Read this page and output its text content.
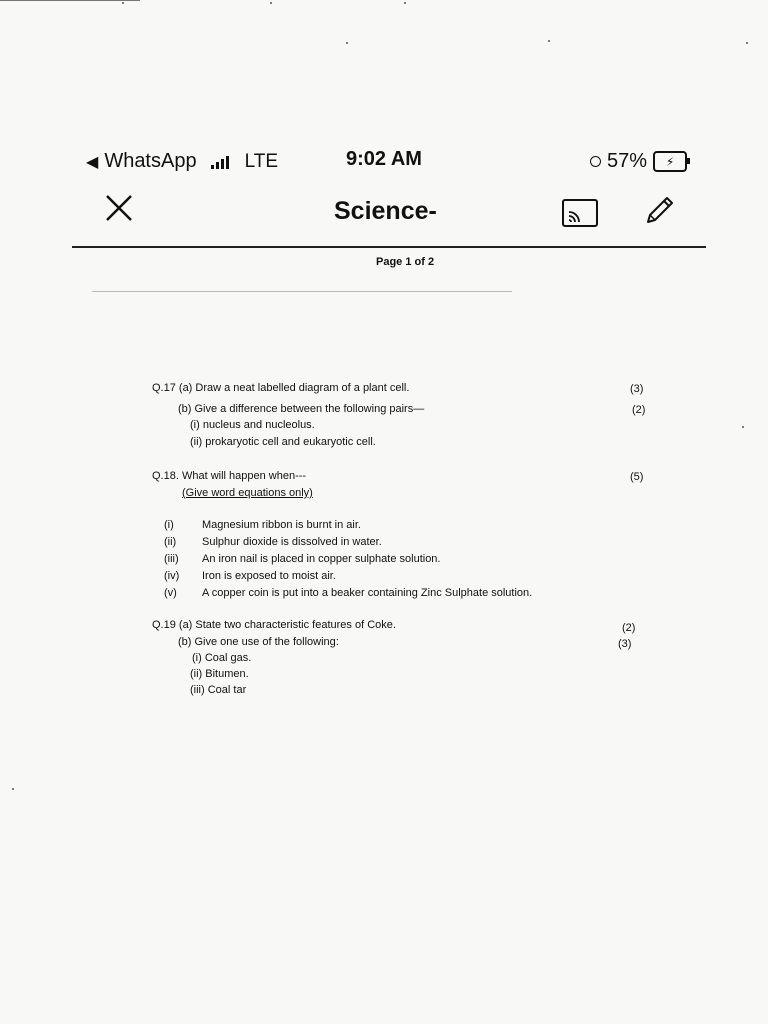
◀ WhatsApp	LTE	9:02 AM	57%	⚡
Science-
Page 1 of 2
Q.17 (a) Draw a neat labelled diagram of a plant cell.	(3)
(b) Give a difference between the following pairs—	(2)
(i) nucleus and nucleolus.
(ii) prokaryotic cell and eukaryotic cell.
Q.18. What will happen when---	(5)
(Give word equations only)
(i)	Magnesium ribbon is burnt in air.
(ii) Sulphur dioxide is dissolved in water.
(iii) An iron nail is placed in copper sulphate solution.
(iv) Iron is exposed to moist air.
(v) A copper coin is put into a beaker containing Zinc Sulphate solution.
Q.19 (a) State two characteristic features of Coke.	(2)
(b) Give one use of the following:	(3)
(i) Coal gas.
(ii) Bitumen.
(iii) Coal tar
